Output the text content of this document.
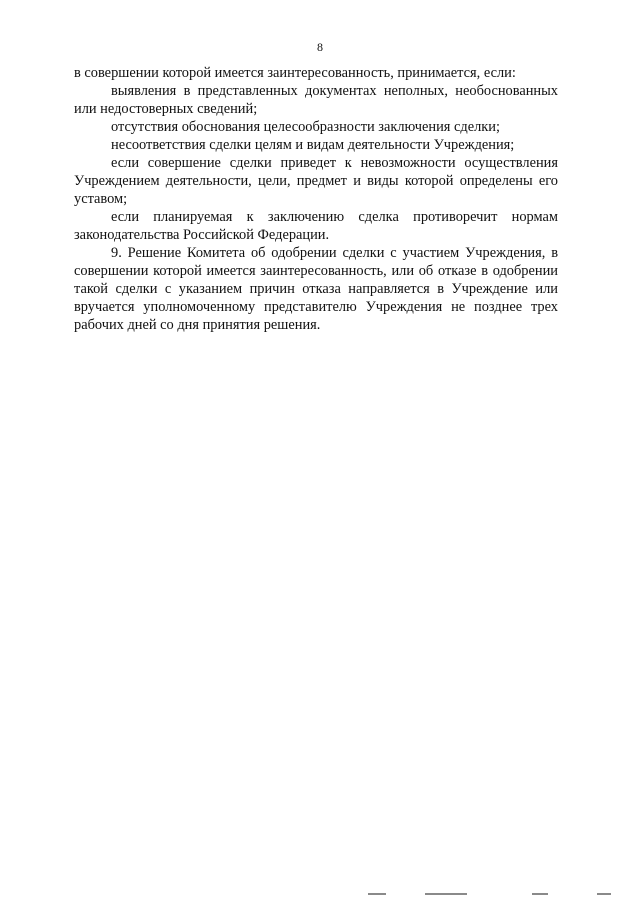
8

в совершении которой имеется заинтересованность, принимается, если:

выявления в представленных документах неполных, необоснованных или недостоверных сведений;

отсутствия обоснования целесообразности заключения сделки;

несоответствия сделки целям и видам деятельности Учреждения;

если совершение сделки приведет к невозможности осуществления Учреждением деятельности, цели, предмет и виды которой определены его уставом;

если планируемая к заключению сделка противоречит нормам законодательства Российской Федерации.

9. Решение Комитета об одобрении сделки с участием Учреждения, в совершении которой имеется заинтересованность, или об отказе в одобрении такой сделки с указанием причин отказа направляется в Учреждение или вручается уполномоченному представителю Учреждения не позднее трех рабочих дней со дня принятия решения.
